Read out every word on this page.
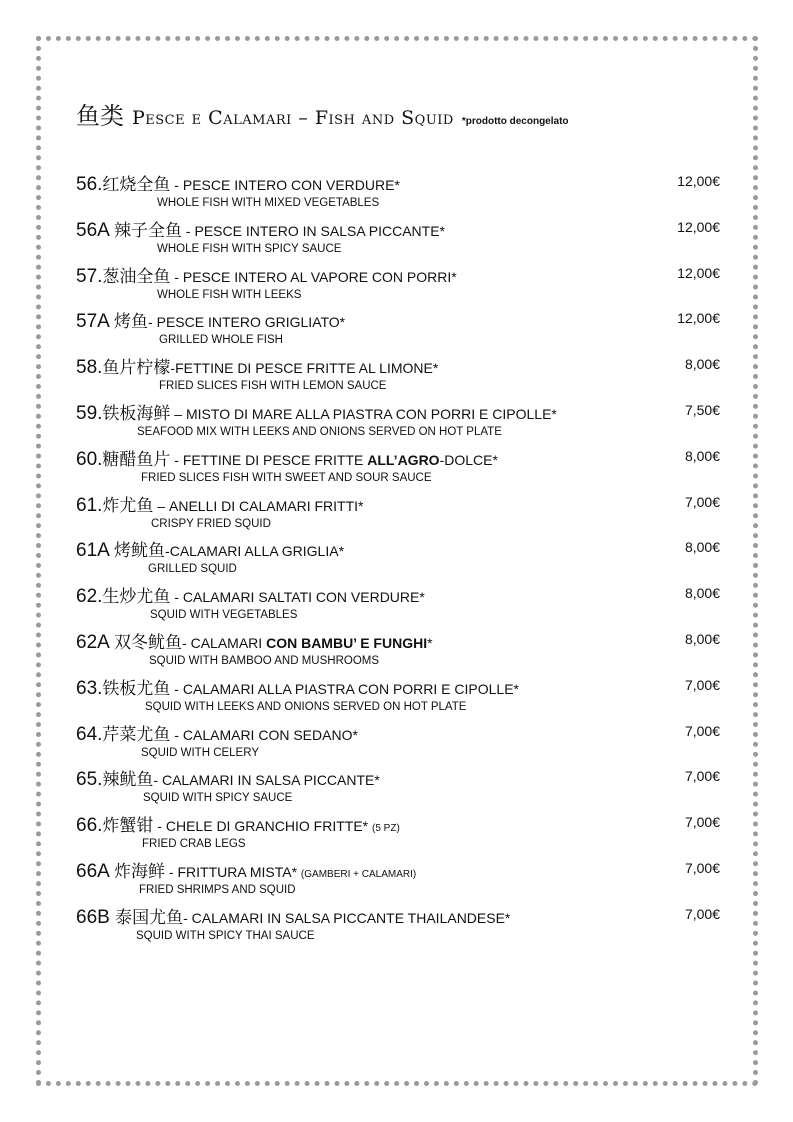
鱼类 Pesce e Calamari – Fish and Squid *prodotto decongelato
56.红烧全鱼 - PESCE INTERO CON VERDURE*	12,00€
WHOLE FISH WITH MIXED VEGETABLES
56A 辣子全鱼 - PESCE INTERO IN SALSA PICCANTE*	12,00€
WHOLE FISH WITH SPICY SAUCE
57.葱油全鱼 - PESCE INTERO AL VAPORE CON PORRI*	12,00€
WHOLE FISH WITH LEEKS
57A 烤鱼- PESCE INTERO GRIGLIATO*	12,00€
GRILLED WHOLE FISH
58.鱼片柠檬-FETTINE DI PESCE FRITTE AL LIMONE*	8,00€
FRIED SLICES FISH WITH LEMON SAUCE
59.铁板海鲜 – MISTO DI MARE ALLA PIASTRA CON PORRI E CIPOLLE*	7,50€
SEAFOOD MIX WITH LEEKS AND ONIONS SERVED ON HOT PLATE
60.糖醋鱼片 - FETTINE DI PESCE FRITTE ALL’AGRO-DOLCE*	8,00€
FRIED SLICES FISH WITH SWEET AND SOUR SAUCE
61.炸尤鱼 – ANELLI DI CALAMARI FRITTI*	7,00€
CRISPY FRIED SQUID
61A 烤鱿鱼-CALAMARI ALLA GRIGLIA*	8,00€
GRILLED SQUID
62.生炒尤鱼 - CALAMARI SALTATI CON VERDURE*	8,00€
SQUID WITH VEGETABLES
62A 双冬鱿鱼- CALAMARI CON BAMBU’ E FUNGHI*	8,00€
SQUID WITH BAMBOO AND MUSHROOMS
63.铁板尤鱼 - CALAMARI ALLA PIASTRA CON PORRI E CIPOLLE*	7,00€
SQUID WITH LEEKS AND ONIONS SERVED ON HOT PLATE
64.芹菜尤鱼 - CALAMARI CON SEDANO*	7,00€
SQUID WITH CELERY
65.辣鱿鱼- CALAMARI IN SALSA PICCANTE*	7,00€
SQUID WITH SPICY SAUCE
66.炸蟹钳 - CHELE DI GRANCHIO FRITTE* (5 PZ)	7,00€
FRIED CRAB LEGS
66A 炸海鲜 - FRITTURA MISTA* (GAMBERI + CALAMARI)	7,00€
FRIED SHRIMPS AND SQUID
66B 泰国尤鱼- CALAMARI IN SALSA PICCANTE THAILANDESE*	7,00€
SQUID WITH SPICY THAI SAUCE
